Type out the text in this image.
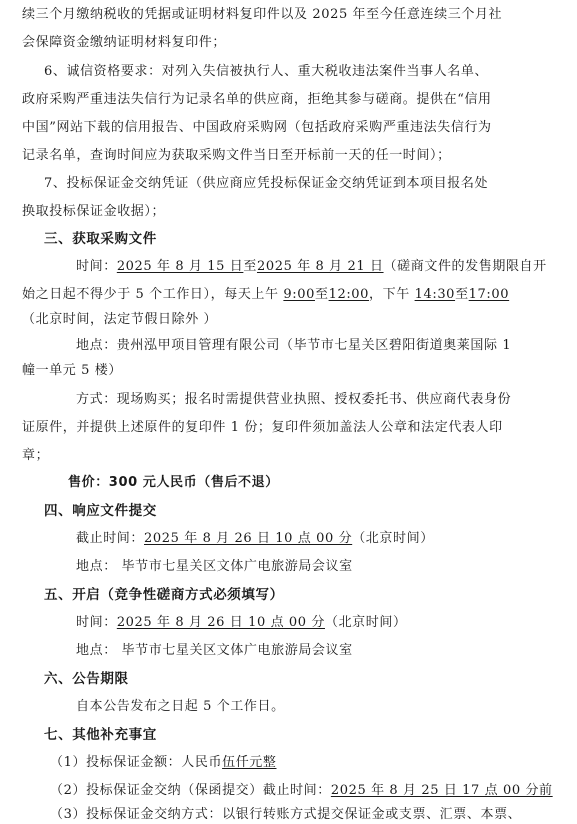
续三个月缴纳税收的凭据或证明材料复印件以及 2025 年至今任意连续三个月社
会保障资金缴纳证明材料复印件；
6、诚信资格要求：对列入失信被执行人、重大税收违法案件当事人名单、
政府采购严重违法失信行为记录名单的供应商，拒绝其参与磋商。提供在“信用
中国”网站下载的信用报告、中国政府采购网（包括政府采购严重违法失信行为
记录名单，查询时间应为获取采购文件当日至开标前一天的任一时间）；
7、投标保证金交纳凭证（供应商应凭投标保证金交纳凭证到本项目报名处
换取投标保证金收据）；
三、获取采购文件
时间：2025 年 8 月 15 日至2025 年 8 月 21 日（磋商文件的发售期限自开
始之日起不得少于 5 个工作日），每天上午 9:00至12:00，下午 14:30至17:00
（北京时间，法定节假日除外 ）
地点：贵州泓甲项目管理有限公司（毕节市七星关区碧阳街道奥莱国际 1
幢一单元 5 楼）
方式：现场购买；报名时需提供营业执照、授权委托书、供应商代表身份
证原件，并提供上述原件的复印件 1 份；复印件须加盖法人公章和法定代表人印
章；
售价：300 元人民币（售后不退）
四、响应文件提交
截止时间：2025 年 8 月 26 日 10 点 00 分（北京时间）
地点： 毕节市七星关区文体广电旅游局会议室
五、开启（竞争性磋商方式必须填写）
时间：2025 年 8 月 26 日 10 点 00 分（北京时间）
地点： 毕节市七星关区文体广电旅游局会议室
六、公告期限
自本公告发布之日起 5 个工作日。
七、其他补充事宜
（1）投标保证金额：人民币伍仟元整
（2）投标保证金交纳（保函提交）截止时间：2025 年 8 月 25 日 17 点 00 分前
（3）投标保证金交纳方式：以银行转账方式提交保证金或支票、汇票、本票、
